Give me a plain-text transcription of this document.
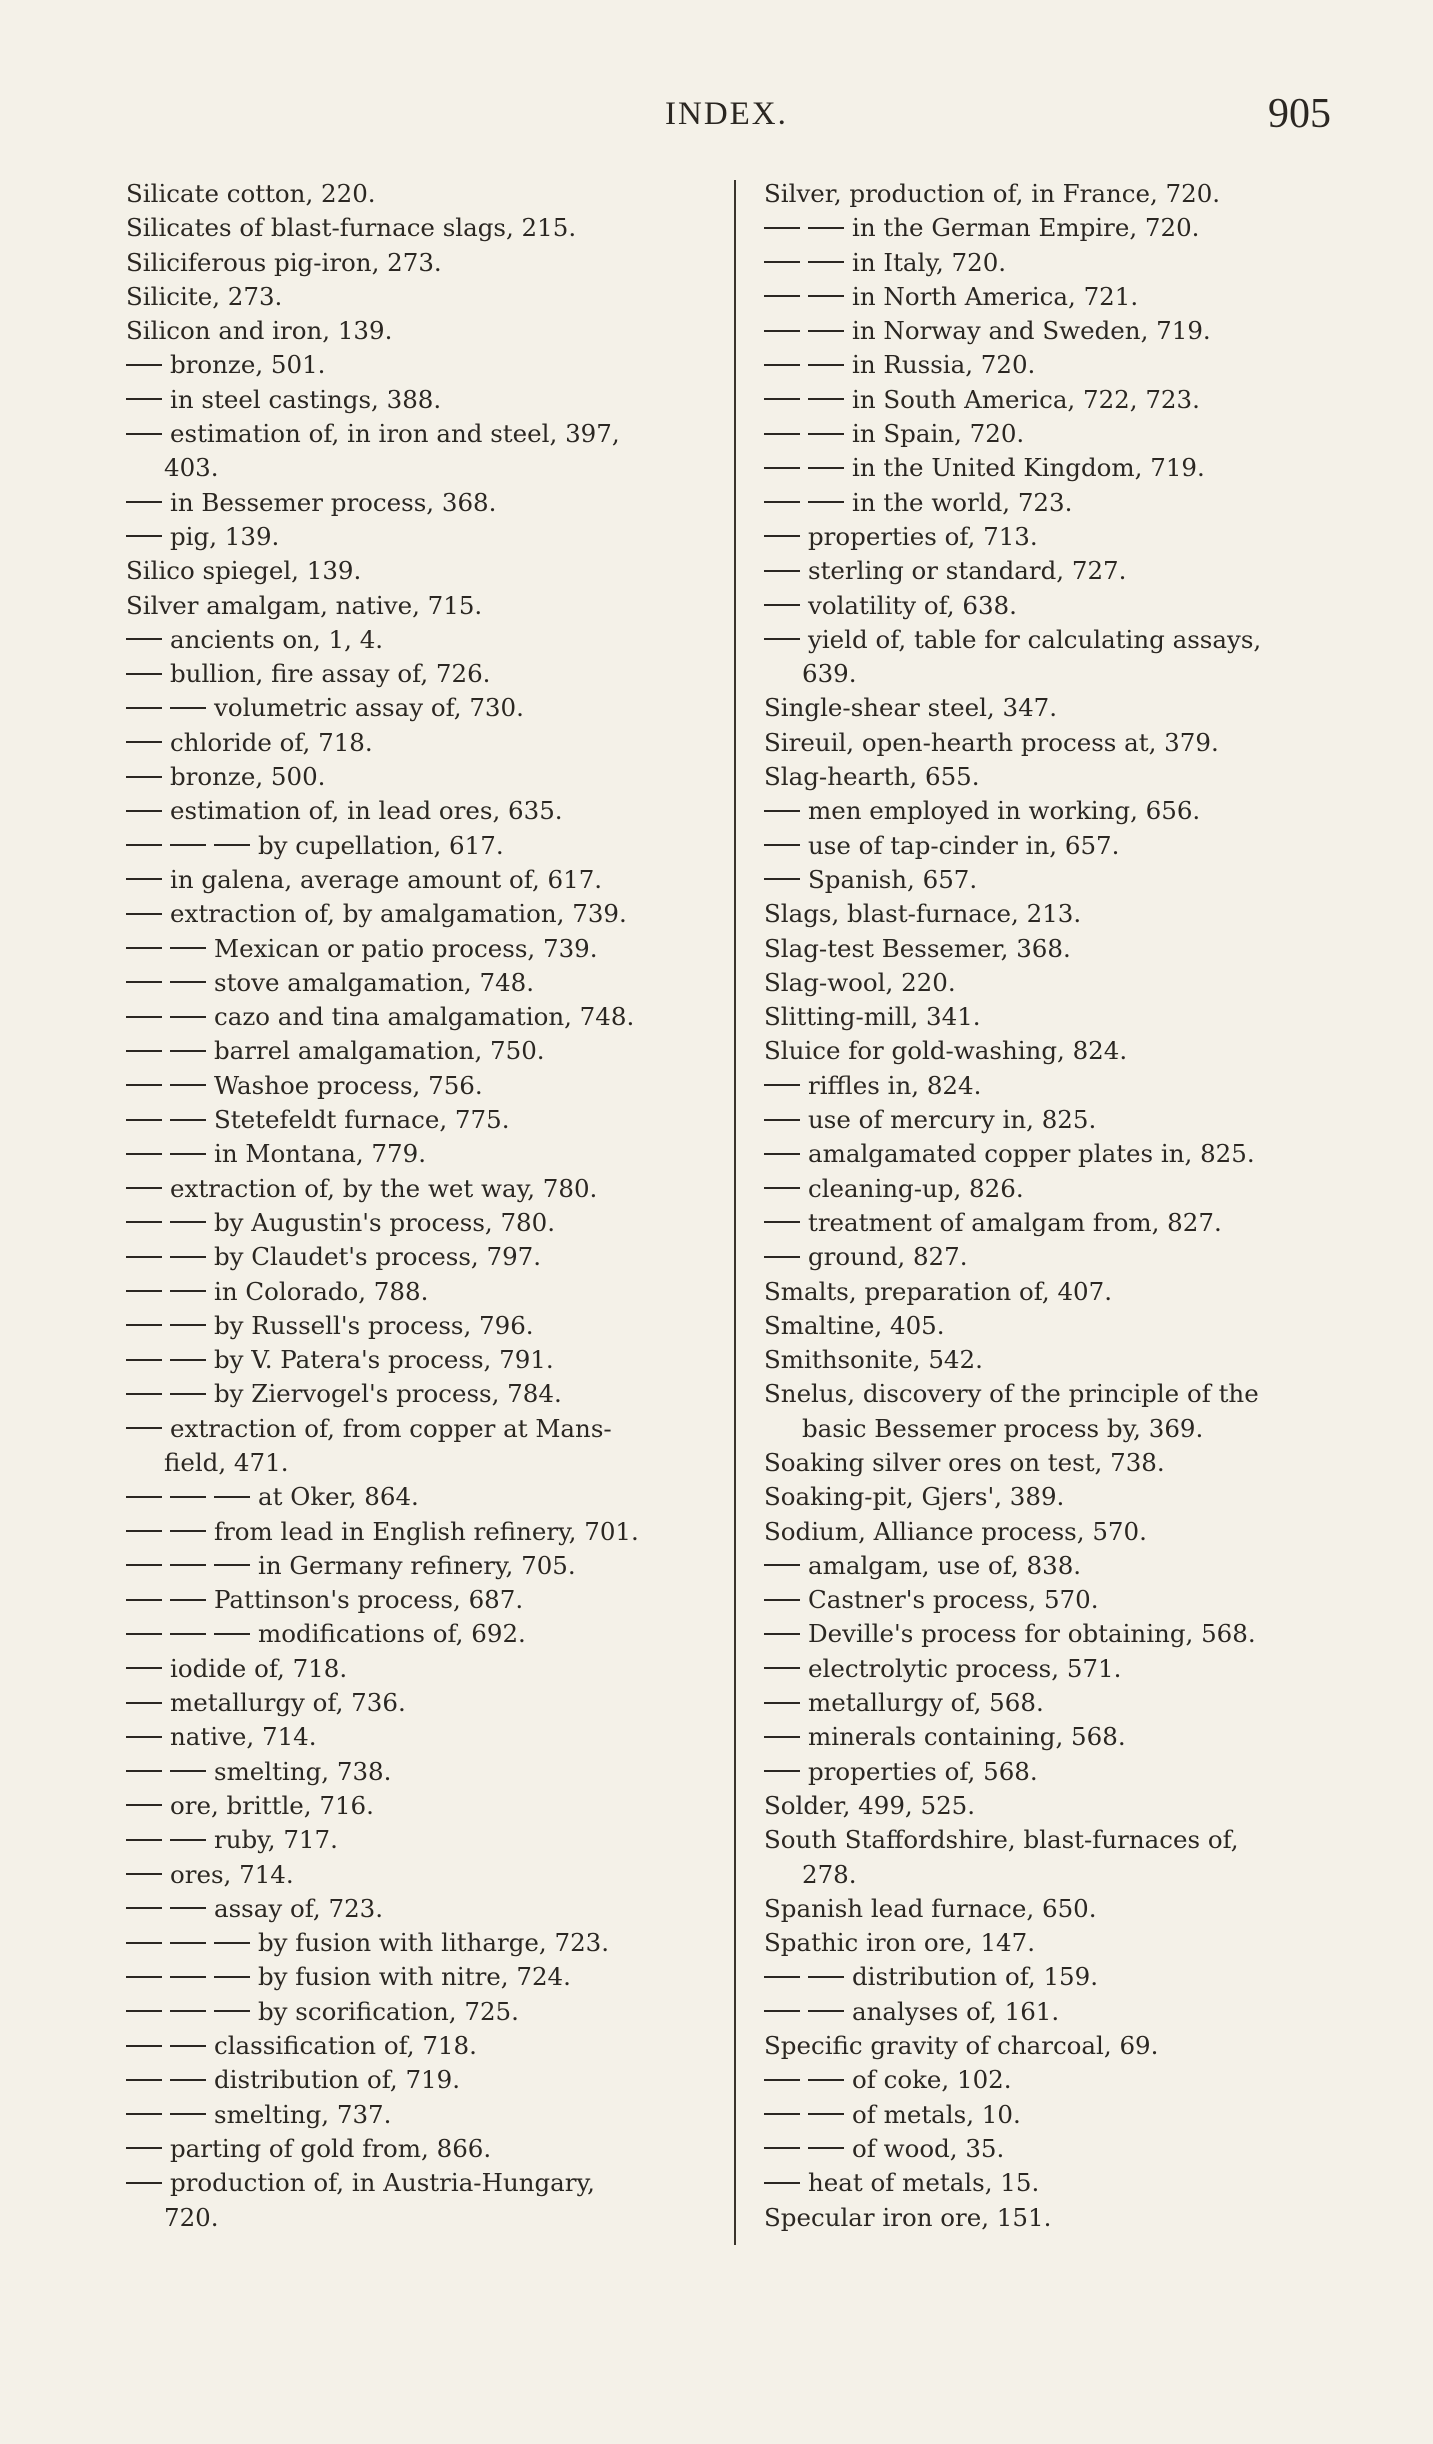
INDEX.	905
Silicate cotton, 220.
Silicates of blast-furnace slags, 215.
Siliciferous pig-iron, 273.
Silicite, 273.
Silicon and iron, 139.
bronze, 501.
in steel castings, 388.
estimation of, in iron and steel, 397,
403.
in Bessemer process, 368.
pig, 139.
Silico spiegel, 139.
Silver amalgam, native, 715.
ancients on, 1, 4.
bullion, fire assay of, 726.
volumetric assay of, 730.
chloride of, 718.
bronze, 500.
estimation of, in lead ores, 635.
by cupellation, 617.
in galena, average amount of, 617.
extraction of, by amalgamation, 739.
Mexican or patio process, 739.
stove amalgamation, 748.
cazo and tina amalgamation, 748.
barrel amalgamation, 750.
Washoe process, 756.
Stetefeldt furnace, 775.
in Montana, 779.
extraction of, by the wet way, 780.
by Augustin's process, 780.
by Claudet's process, 797.
in Colorado, 788.
by Russell's process, 796.
by V. Patera's process, 791.
by Ziervogel's process, 784.
extraction of, from copper at Mans-
field, 471.
at Oker, 864.
from lead in English refinery, 701.
in Germany refinery, 705.
Pattinson's process, 687.
modifications of, 692.
iodide of, 718.
metallurgy of, 736.
native, 714.
smelting, 738.
ore, brittle, 716.
ruby, 717.
ores, 714.
assay of, 723.
by fusion with litharge, 723.
by fusion with nitre, 724.
by scorification, 725.
classification of, 718.
distribution of, 719.
smelting, 737.
parting of gold from, 866.
production of, in Austria-Hungary,
720.
Silver, production of, in France, 720.
in the German Empire, 720.
in Italy, 720.
in North America, 721.
in Norway and Sweden, 719.
in Russia, 720.
in South America, 722, 723.
in Spain, 720.
in the United Kingdom, 719.
in the world, 723.
properties of, 713.
sterling or standard, 727.
volatility of, 638.
yield of, table for calculating assays,
639.
Single-shear steel, 347.
Sireuil, open-hearth process at, 379.
Slag-hearth, 655.
men employed in working, 656.
use of tap-cinder in, 657.
Spanish, 657.
Slags, blast-furnace, 213.
Slag-test Bessemer, 368.
Slag-wool, 220.
Slitting-mill, 341.
Sluice for gold-washing, 824.
riffles in, 824.
use of mercury in, 825.
amalgamated copper plates in, 825.
cleaning-up, 826.
treatment of amalgam from, 827.
ground, 827.
Smalts, preparation of, 407.
Smaltine, 405.
Smithsonite, 542.
Snelus, discovery of the principle of the
basic Bessemer process by, 369.
Soaking silver ores on test, 738.
Soaking-pit, Gjers', 389.
Sodium, Alliance process, 570.
amalgam, use of, 838.
Castner's process, 570.
Deville's process for obtaining, 568.
electrolytic process, 571.
metallurgy of, 568.
minerals containing, 568.
properties of, 568.
Solder, 499, 525.
South Staffordshire, blast-furnaces of,
278.
Spanish lead furnace, 650.
Spathic iron ore, 147.
distribution of, 159.
analyses of, 161.
Specific gravity of charcoal, 69.
of coke, 102.
of metals, 10.
of wood, 35.
heat of metals, 15.
Specular iron ore, 151.
